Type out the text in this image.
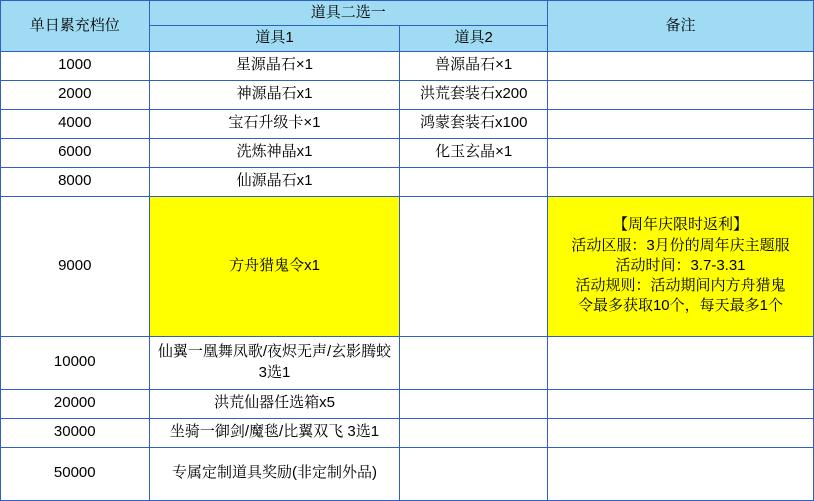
单日累充档位	道具二选一		备注
	道具1	道具2	
1000	星源晶石×1	兽源晶石×1	
2000	神源晶石x1	洪荒套装石x200	
4000	宝石升级卡×1	鸿蒙套装石x100	
6000	洗炼神晶x1	化玉玄晶×1	
8000	仙源晶石x1		
9000	方舟猎鬼令x1		【周年庆限时返利】
活动区服：3月份的周年庆主题服
活动时间：3.7-3.31
活动规则：活动期间内方舟猎鬼
令最多获取10个，每天最多1个

10000	仙翼一凰舞凤歌/夜烬无声/玄影腾蛟 3选1		
20000	洪荒仙器任选箱x5		
30000	坐骑一御剑/魔毯/比翼双飞 3选1		
50000	专属定制道具奖励(非定制外品)		
